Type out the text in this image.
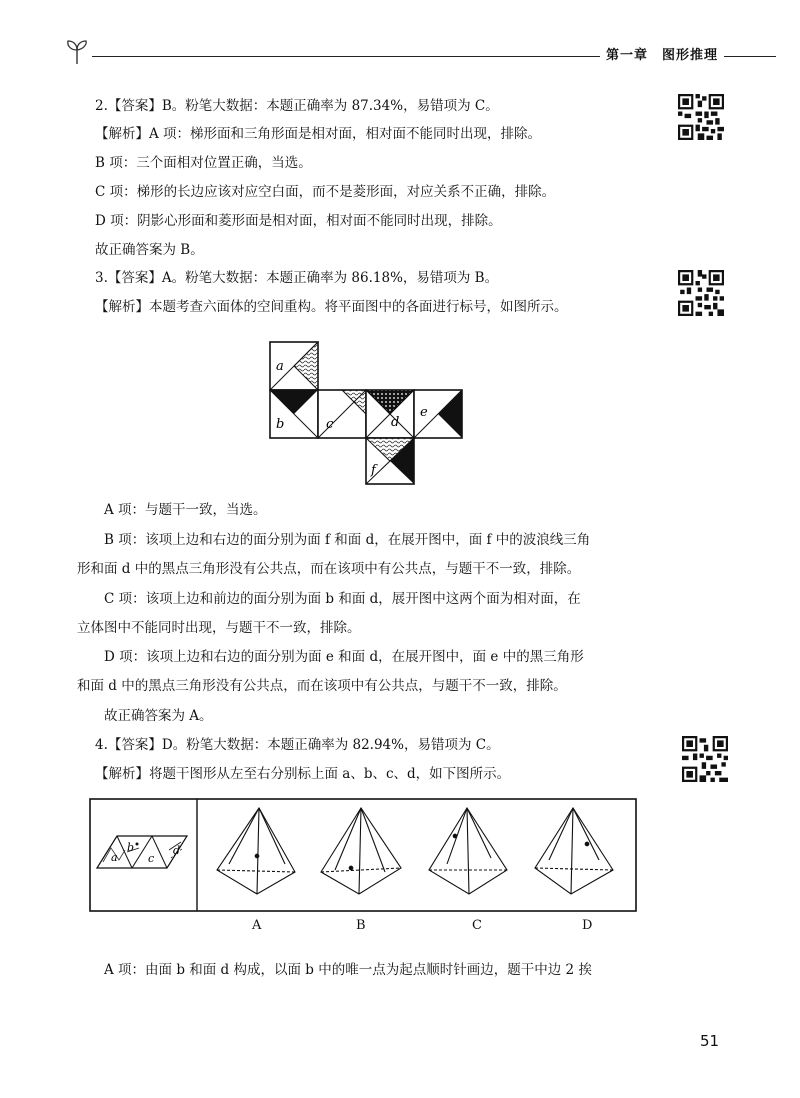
第一章　图形推理
2.【答案】B。粉笔大数据：本题正确率为 87.34%，易错项为 C。
【解析】A 项：梯形面和三角形面是相对面，相对面不能同时出现，排除。
B 项：三个面相对位置正确，当选。
C 项：梯形的长边应该对应空白面，而不是菱形面，对应关系不正确，排除。
D 项：阴影心形面和菱形面是相对面，相对面不能同时出现，排除。
故正确答案为 B。
3.【答案】A。粉笔大数据：本题正确率为 86.18%，易错项为 B。
【解析】本题考查六面体的空间重构。将平面图中的各面进行标号，如图所示。
a
b	c	d
e
f
A 项：与题干一致，当选。
B 项：该项上边和右边的面分别为面 f 和面 d，在展开图中，面 f 中的波浪线三角
形和面 d 中的黑点三角形没有公共点，而在该项中有公共点，与题干不一致，排除。
C 项：该项上边和前边的面分别为面 b 和面 d，展开图中这两个面为相对面，在
立体图中不能同时出现，与题干不一致，排除。
D 项：该项上边和右边的面分别为面 e 和面 d，在展开图中，面 e 中的黑三角形
和面 d 中的黑点三角形没有公共点，而在该项中有公共点，与题干不一致，排除。
故正确答案为 A。
4.【答案】D。粉笔大数据：本题正确率为 82.94%，易错项为 C。
【解析】将题干图形从左至右分别标上面 a、b、c、d，如下图所示。
a
b
c
d
A	B	C	D
A 项：由面 b 和面 d 构成，以面 b 中的唯一点为起点顺时针画边，题干中边 2 挨
51
